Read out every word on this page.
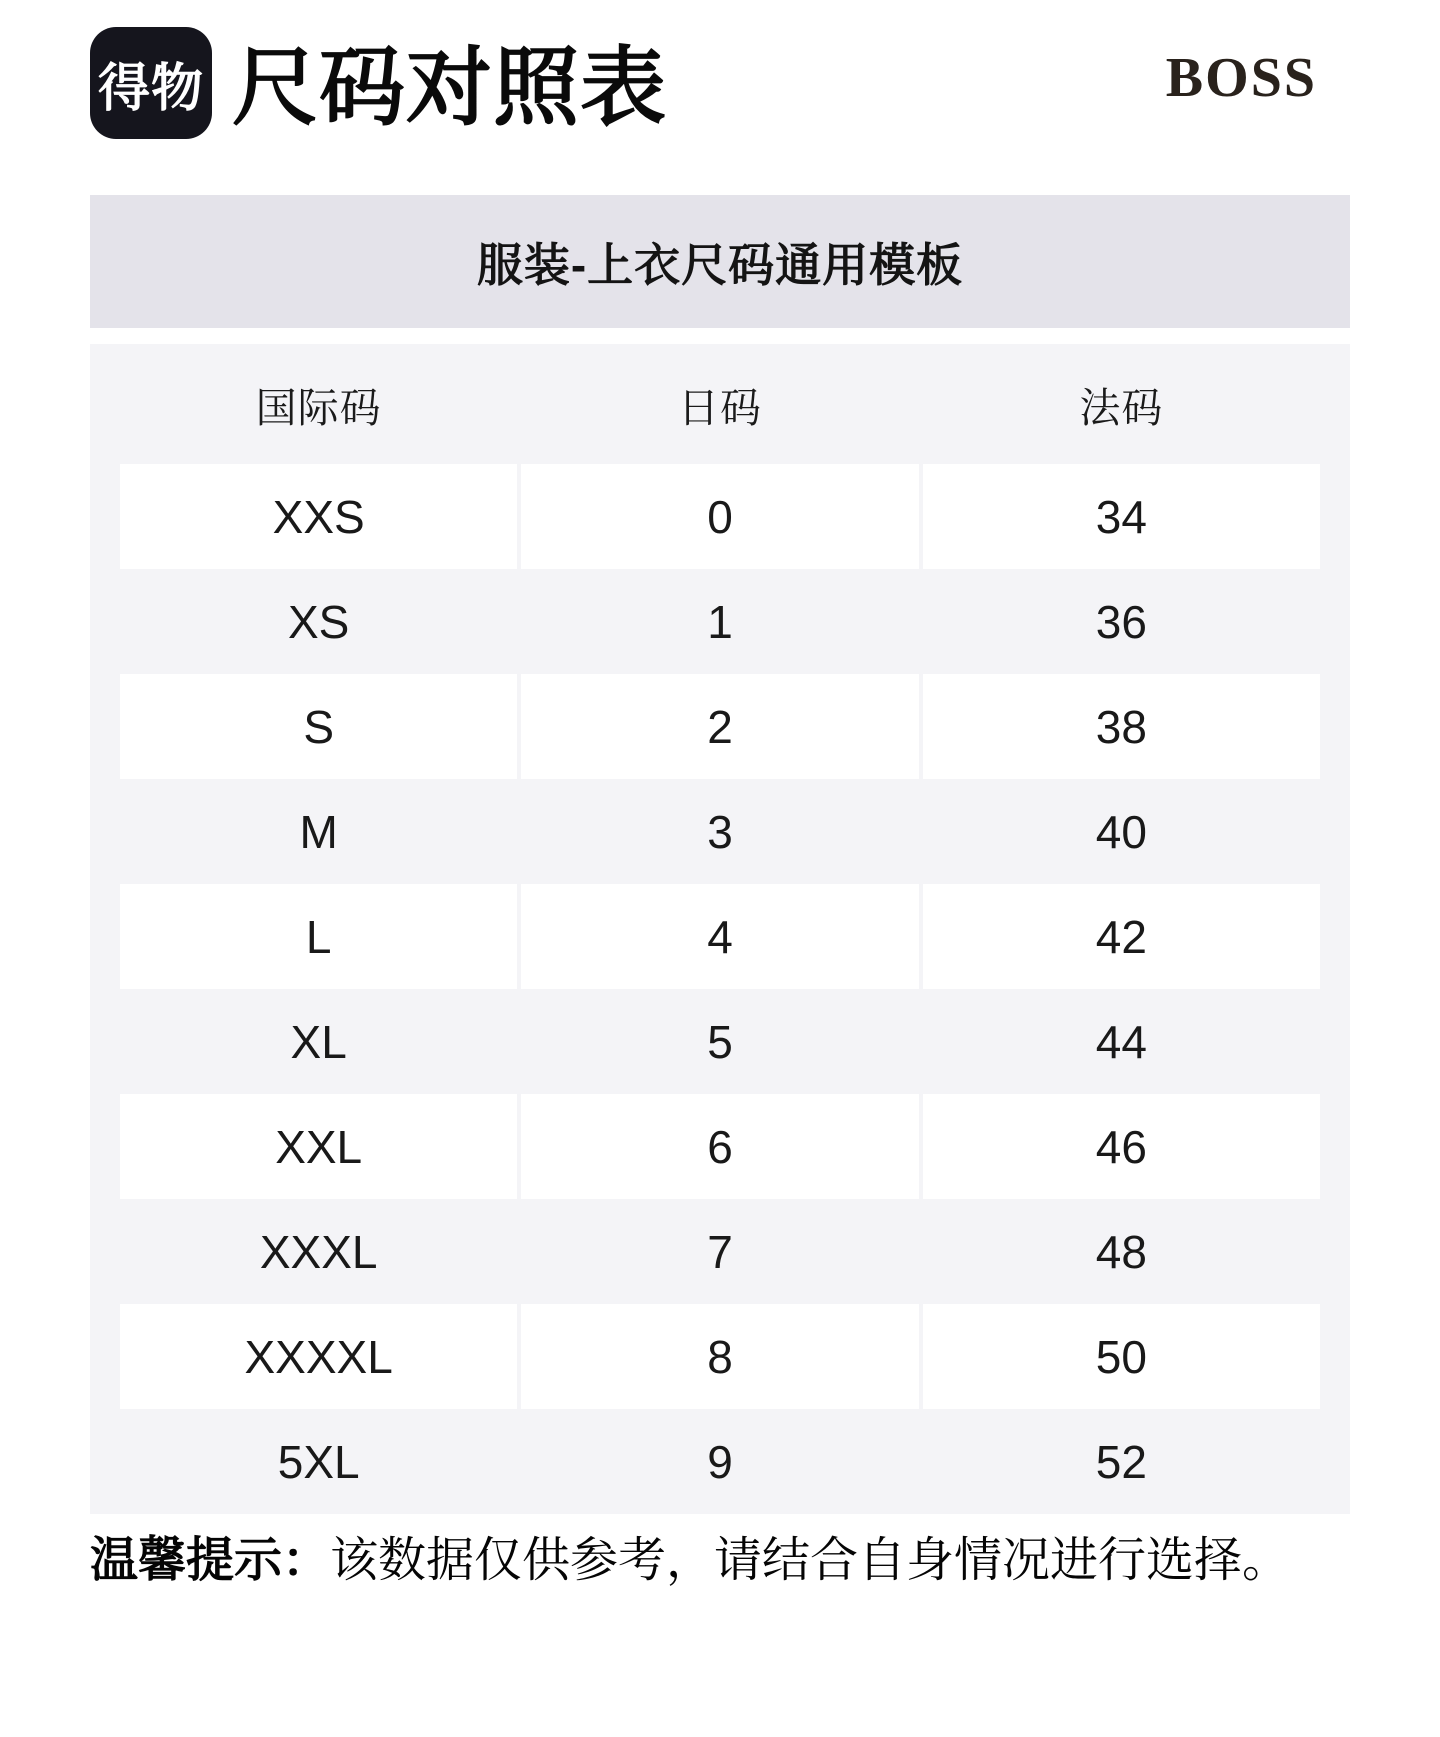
得物 尺码对照表	BOSS
服装-上衣尺码通用模板
国际码	日码	法码
XXS	0	34
XS	1	36
S	2	38
M	3	40
L	4	42
XL	5	44
XXL	6	46
XXXL	7	48
XXXXL	8	50
5XL	9	52
温馨提示：该数据仅供参考，请结合自身情况进行选择。
